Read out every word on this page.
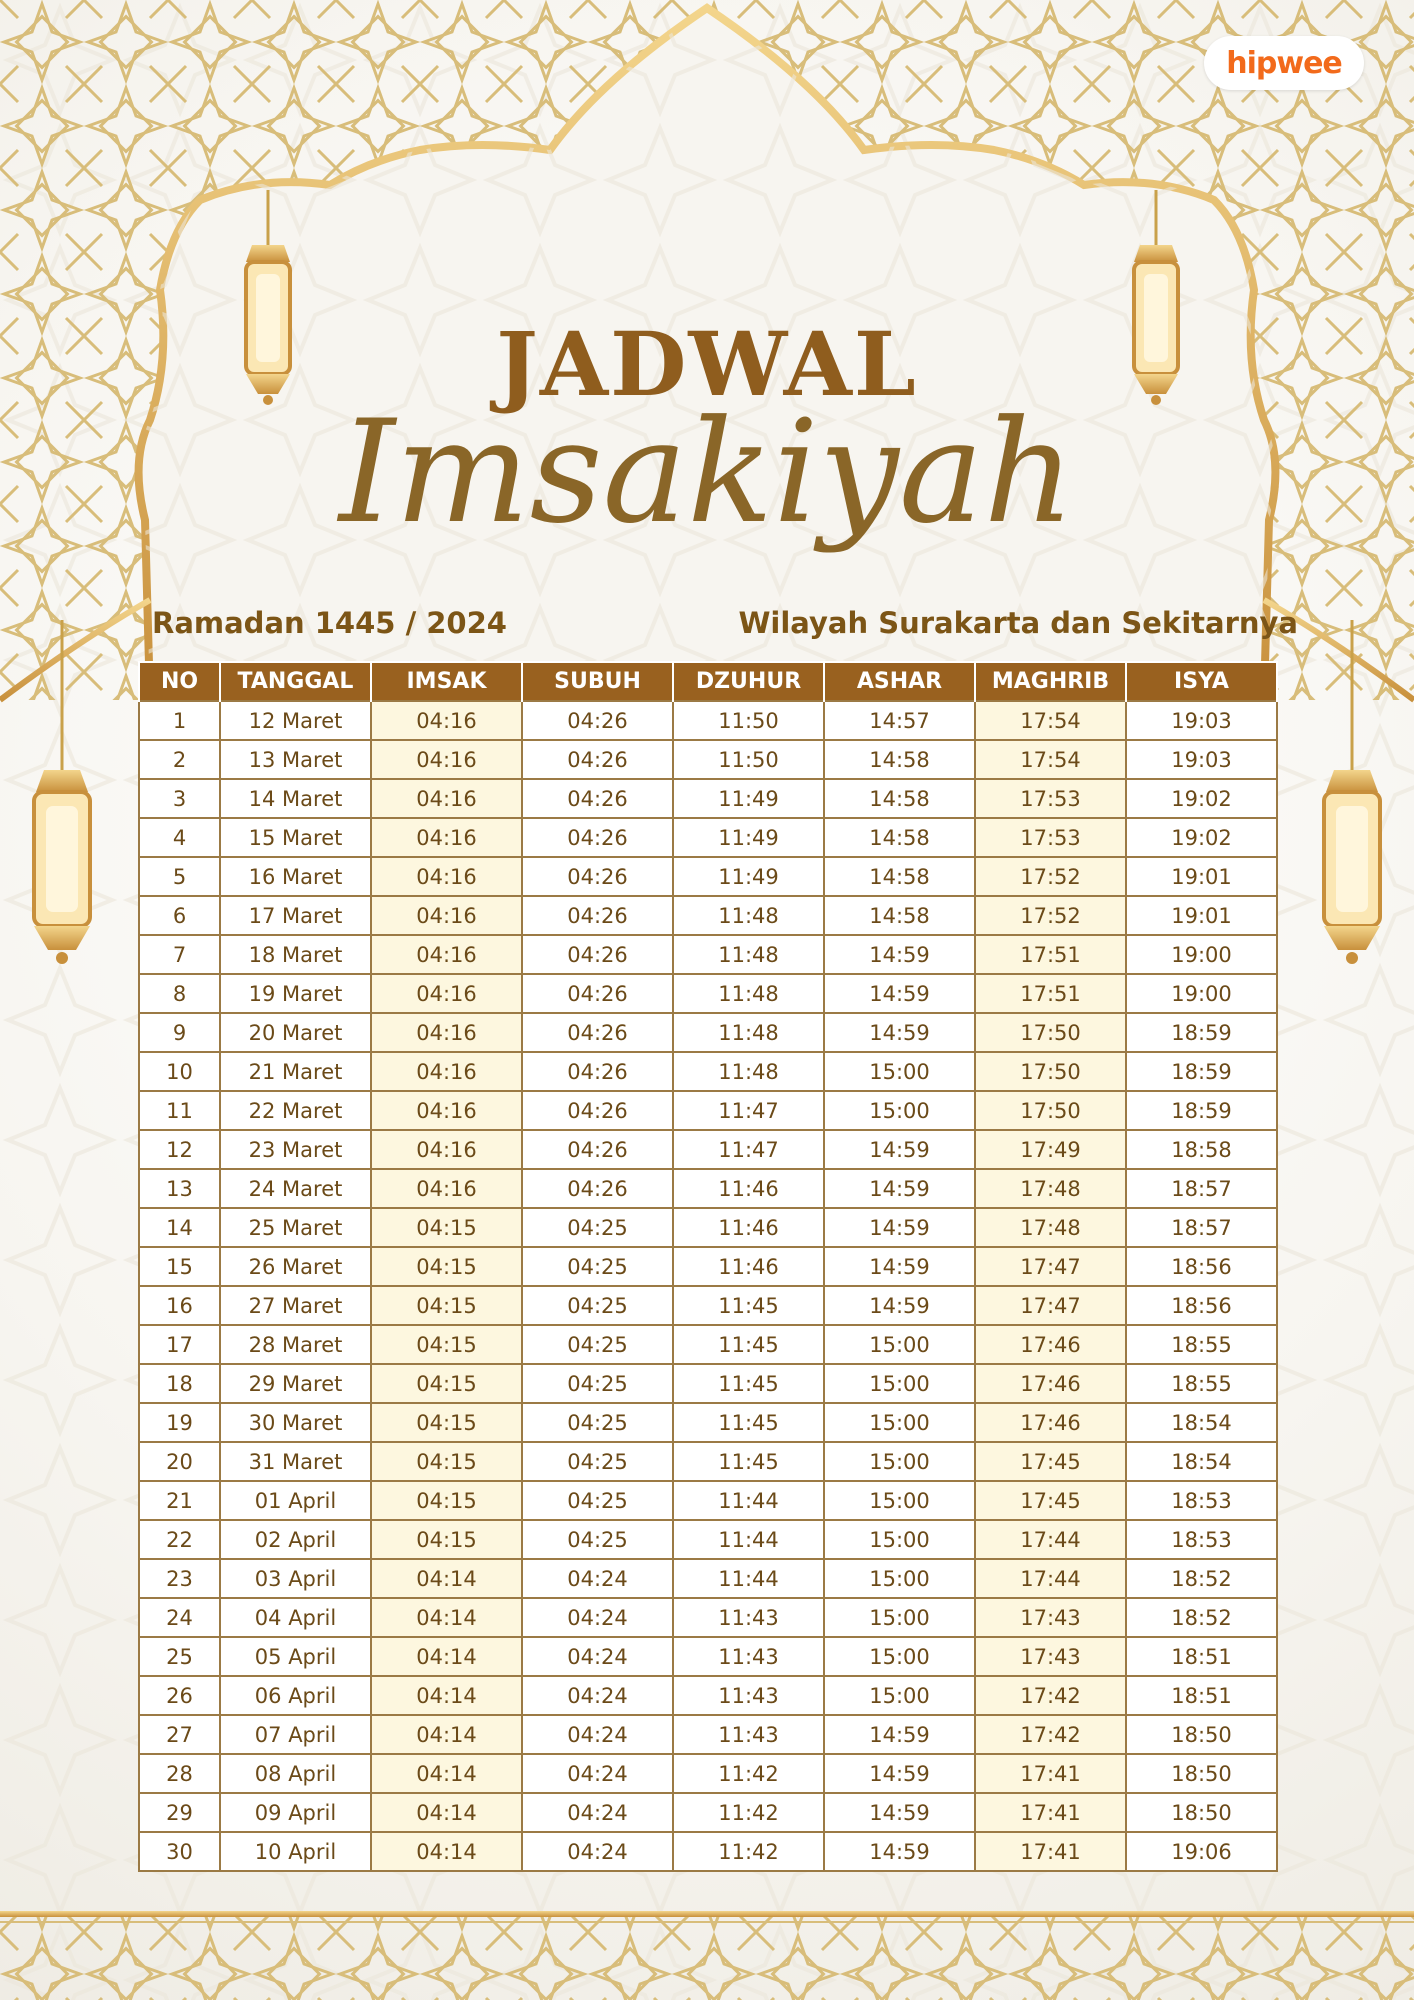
hipwee
JADWAL
Imsakiyah
Ramadan 1445 / 2024	Wilayah Surakarta dan Sekitarnya
NO	TANGGAL	IMSAK	SUBUH	DZUHUR	ASHAR	MAGHRIB	ISYA
1	12 Maret	04:16	04:26	11:50	14:57	17:54	19:03
2	13 Maret	04:16	04:26	11:50	14:58	17:54	19:03
3	14 Maret	04:16	04:26	11:49	14:58	17:53	19:02
4	15 Maret	04:16	04:26	11:49	14:58	17:53	19:02
5	16 Maret	04:16	04:26	11:49	14:58	17:52	19:01
6	17 Maret	04:16	04:26	11:48	14:58	17:52	19:01
7	18 Maret	04:16	04:26	11:48	14:59	17:51	19:00
8	19 Maret	04:16	04:26	11:48	14:59	17:51	19:00
9	20 Maret	04:16	04:26	11:48	14:59	17:50	18:59
10	21 Maret	04:16	04:26	11:48	15:00	17:50	18:59
11	22 Maret	04:16	04:26	11:47	15:00	17:50	18:59
12	23 Maret	04:16	04:26	11:47	14:59	17:49	18:58
13	24 Maret	04:16	04:26	11:46	14:59	17:48	18:57
14	25 Maret	04:15	04:25	11:46	14:59	17:48	18:57
15	26 Maret	04:15	04:25	11:46	14:59	17:47	18:56
16	27 Maret	04:15	04:25	11:45	14:59	17:47	18:56
17	28 Maret	04:15	04:25	11:45	15:00	17:46	18:55
18	29 Maret	04:15	04:25	11:45	15:00	17:46	18:55
19	30 Maret	04:15	04:25	11:45	15:00	17:46	18:54
20	31 Maret	04:15	04:25	11:45	15:00	17:45	18:54
21	01 April	04:15	04:25	11:44	15:00	17:45	18:53
22	02 April	04:15	04:25	11:44	15:00	17:44	18:53
23	03 April	04:14	04:24	11:44	15:00	17:44	18:52
24	04 April	04:14	04:24	11:43	15:00	17:43	18:52
25	05 April	04:14	04:24	11:43	15:00	17:43	18:51
26	06 April	04:14	04:24	11:43	15:00	17:42	18:51
27	07 April	04:14	04:24	11:43	14:59	17:42	18:50
28	08 April	04:14	04:24	11:42	14:59	17:41	18:50
29	09 April	04:14	04:24	11:42	14:59	17:41	18:50
30	10 April	04:14	04:24	11:42	14:59	17:41	19:06
